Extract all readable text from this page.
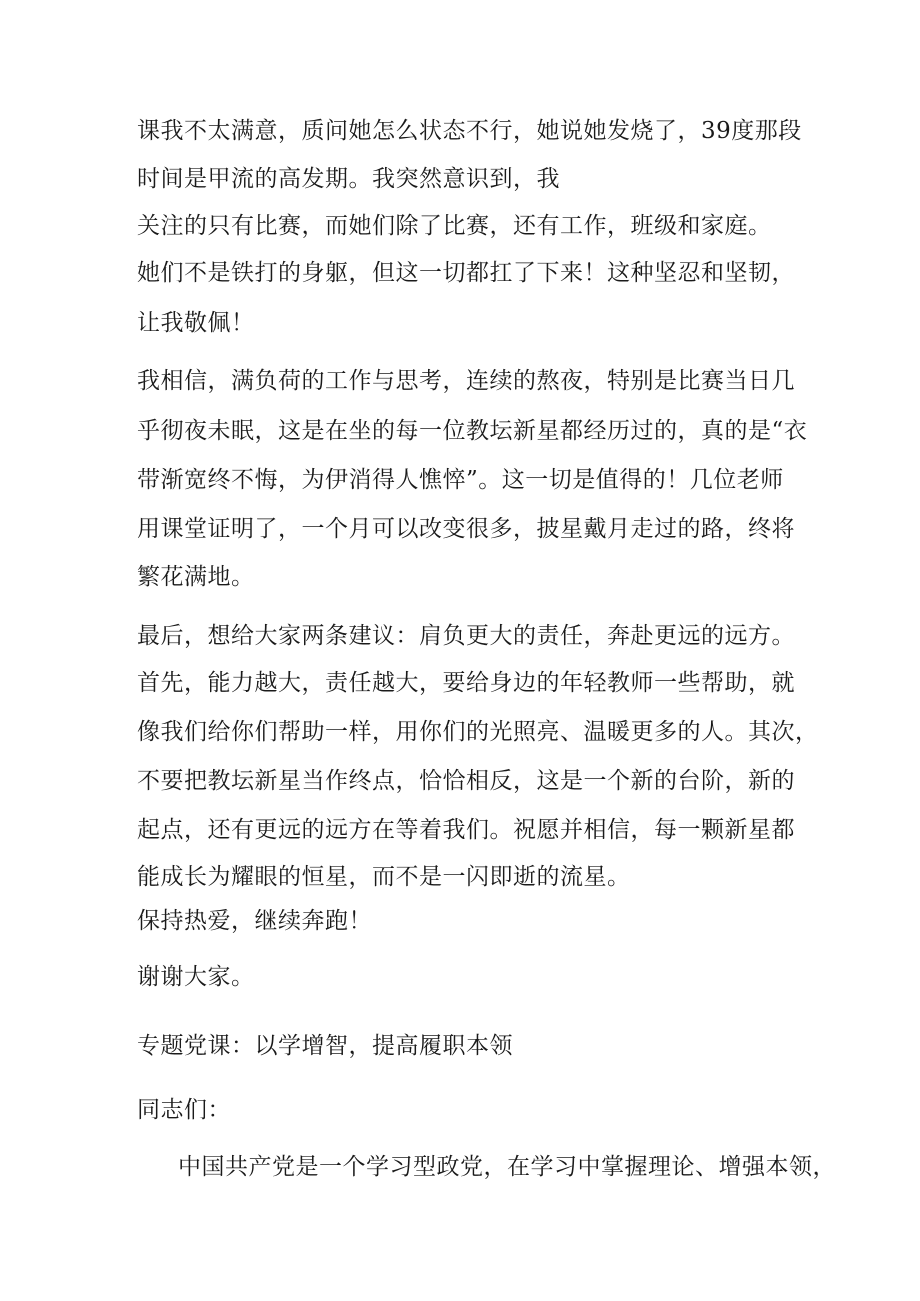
课我不太满意，质问她怎么状态不行，她说她发烧了，39度那段
时间是甲流的高发期。我突然意识到，我
关注的只有比赛，而她们除了比赛，还有工作，班级和家庭。
她们不是铁打的身躯，但这一切都扛了下来！这种坚忍和坚韧，
让我敬佩！
我相信，满负荷的工作与思考，连续的熬夜，特别是比赛当日几
乎彻夜未眠，这是在坐的每一位教坛新星都经历过的，真的是“衣
带渐宽终不悔，为伊消得人憔悴”。这一切是值得的！几位老师
用课堂证明了，一个月可以改变很多，披星戴月走过的路，终将
繁花满地。
最后，想给大家两条建议：肩负更大的责任，奔赴更远的远方。
首先，能力越大，责任越大，要给身边的年轻教师一些帮助，就
像我们给你们帮助一样，用你们的光照亮、温暖更多的人。其次，
不要把教坛新星当作终点，恰恰相反，这是一个新的台阶，新的
起点，还有更远的远方在等着我们。祝愿并相信，每一颗新星都
能成长为耀眼的恒星，而不是一闪即逝的流星。
保持热爱，继续奔跑！
谢谢大家。
专题党课：以学增智，提高履职本领
同志们：
中国共产党是一个学习型政党，在学习中掌握理论、增强本领，
